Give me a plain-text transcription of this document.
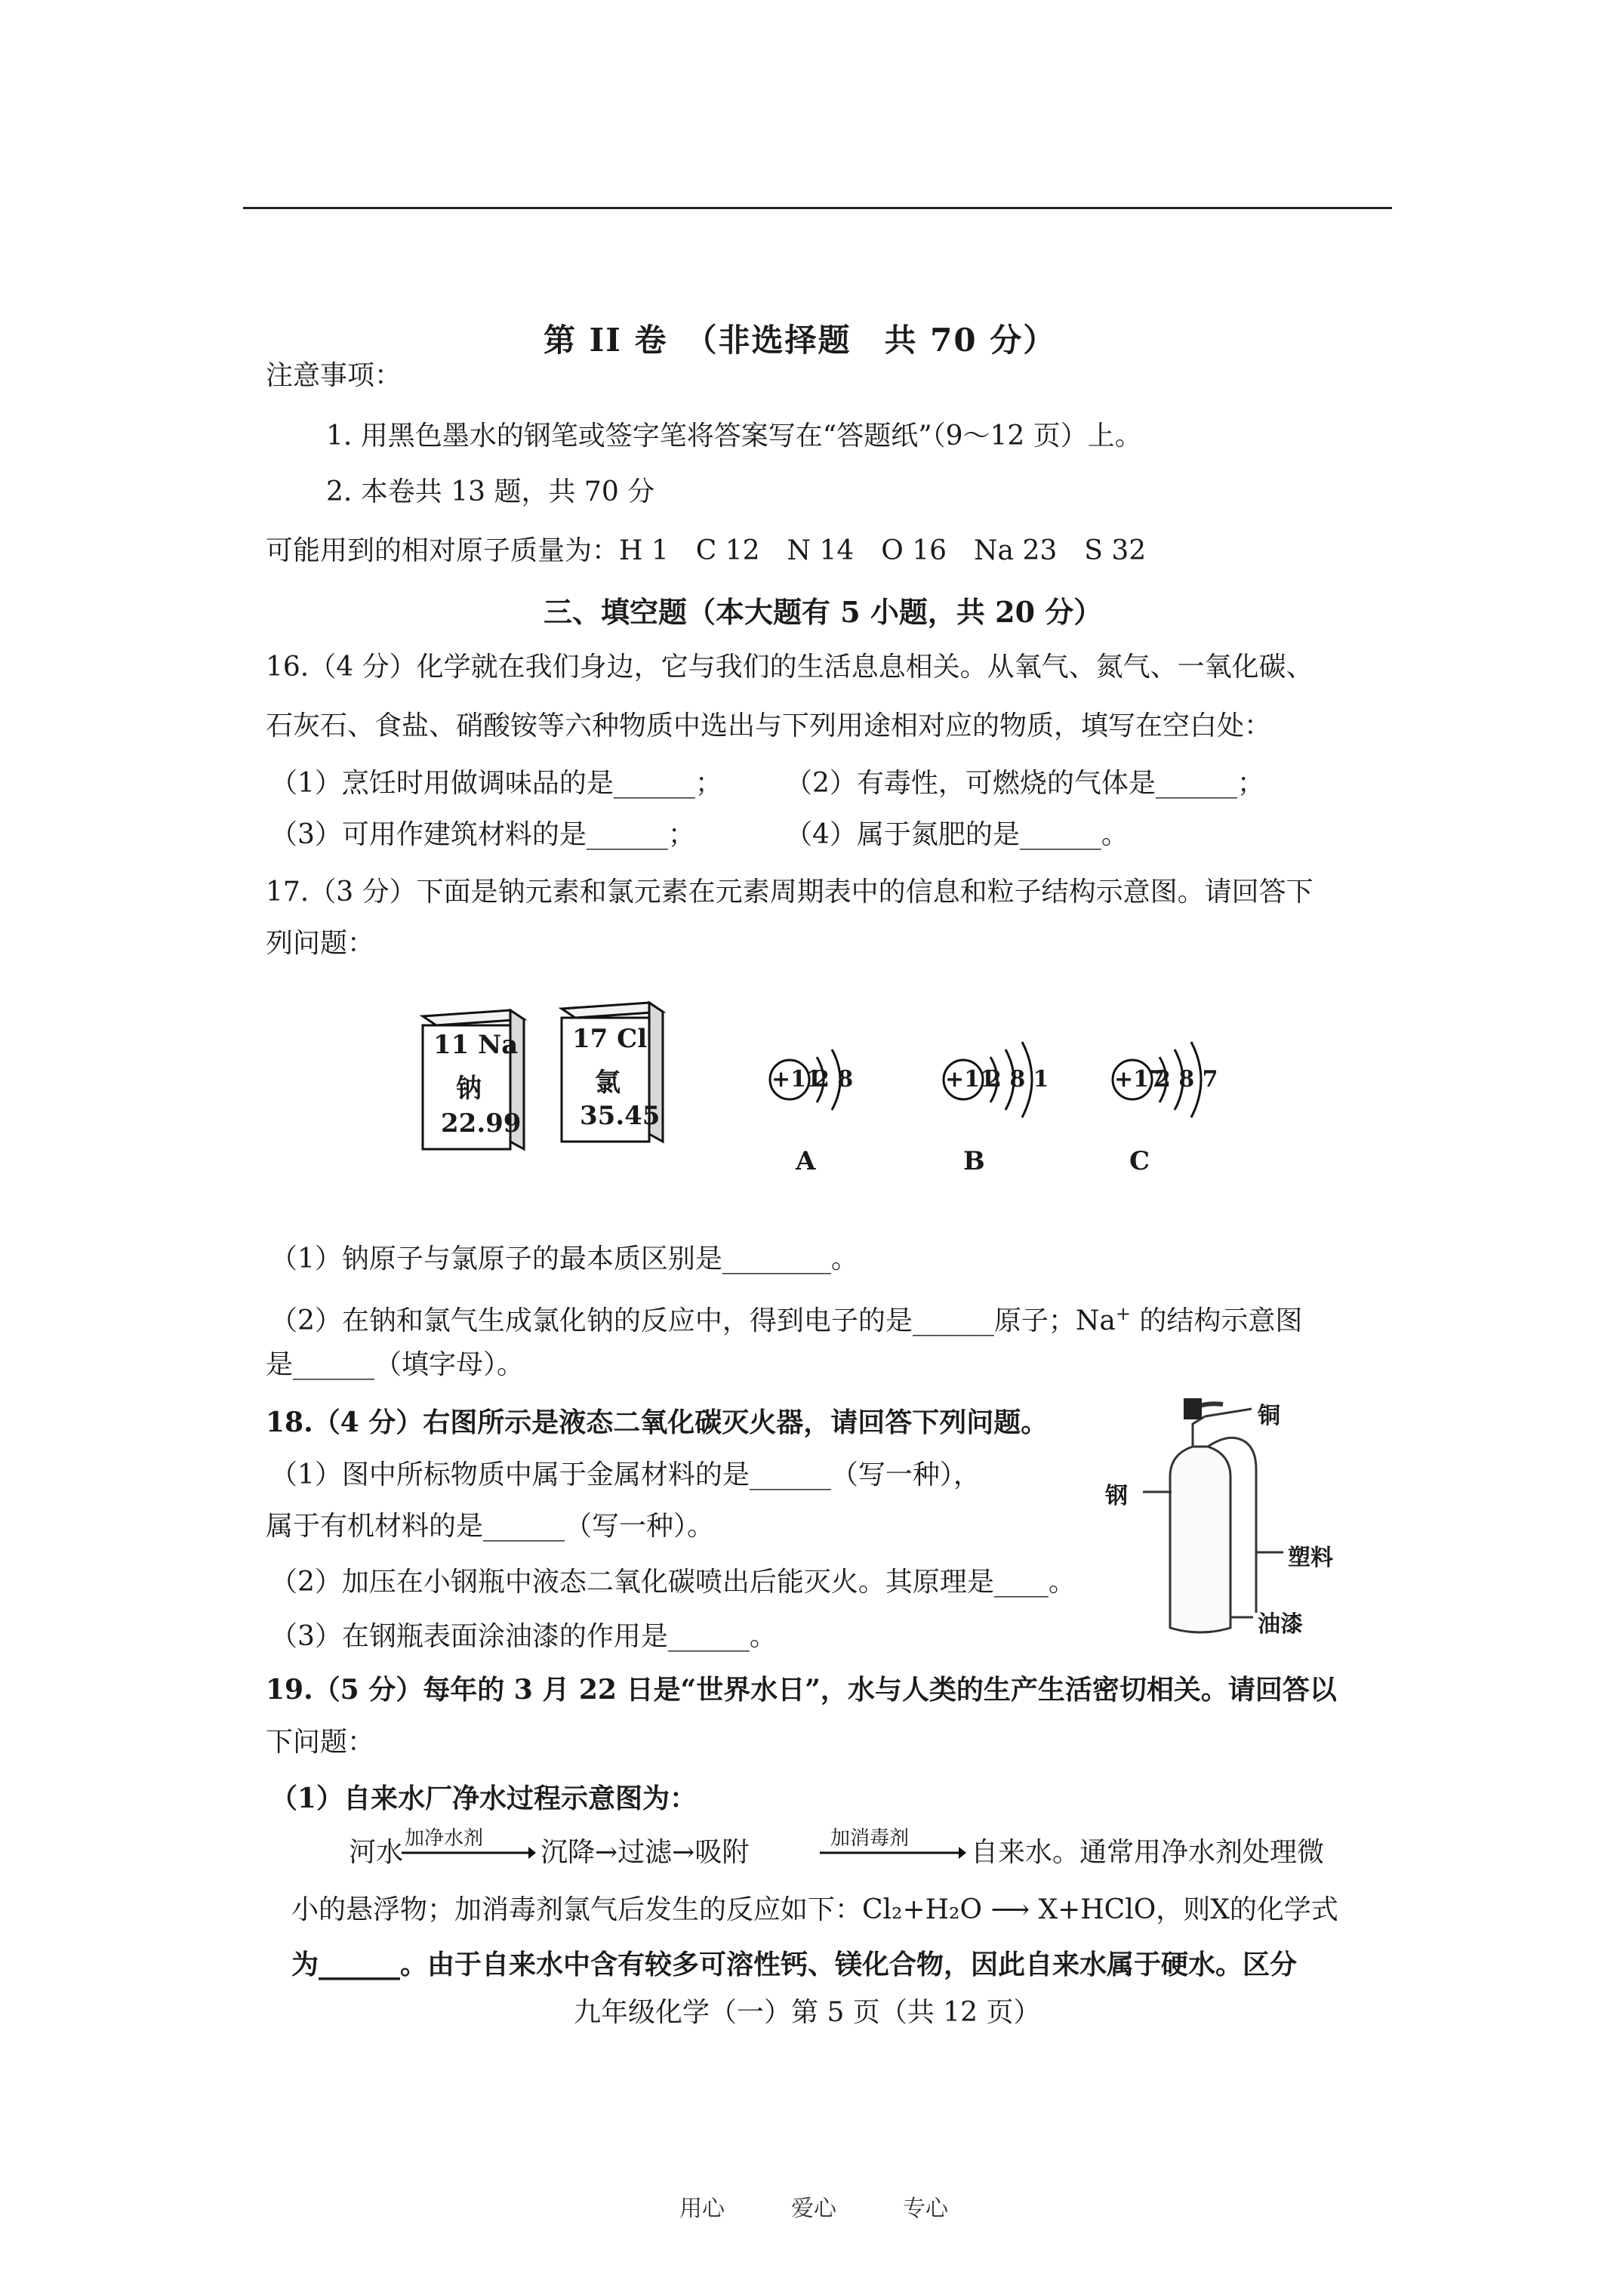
第 II 卷　（非选择题　共 70 分）
注意事项：
1. 用黑色墨水的钢笔或签字笔将答案写在“答题纸”（9～12 页）上。
2. 本卷共 13 题，共 70 分
可能用到的相对原子质量为：H 1　C 12　N 14　O 16　Na 23　S 32
三、填空题（本大题有 5 小题，共 20 分）
16.（4 分）化学就在我们身边，它与我们的生活息息相关。从氧气、氮气、一氧化碳、
石灰石、食盐、硝酸铵等六种物质中选出与下列用途相对应的物质，填写在空白处：
（1）烹饪时用做调味品的是______； （2）有毒性，可燃烧的气体是______；
（3）可用作建筑材料的是______；	（4）属于氮肥的是______。
17.（3 分）下面是钠元素和氯元素在元素周期表中的信息和粒子结构示意图。请回答下
列问题：
11 Na
钠
22.99
17 Cl
氯
35.45
+11
2 8	+11
2 8 1	+17
2 8 7
A	B	C
（1）钠原子与氯原子的最本质区别是________。
（2）在钠和氯气生成氯化钠的反应中，得到电子的是______原子；Na+ 的结构示意图
是______（填字母）。
18.（4 分）右图所示是液态二氧化碳灭火器，请回答下列问题。
（1）图中所标物质中属于金属材料的是______（写一种），
属于有机材料的是______（写一种）。
（2）加压在小钢瓶中液态二氧化碳喷出后能灭火。其原理是____。
（3）在钢瓶表面涂油漆的作用是______。
铜
钢
塑料
油漆
19.（5 分）每年的 3 月 22 日是“世界水日”，水与人类的生产生活密切相关。请回答以
下问题：
（1）自来水厂净水过程示意图为：
河水 加净水剂 沉降→过滤→吸附	加消毒剂 自来水。通常用净水剂处理微
小的悬浮物；加消毒剂氯气后发生的反应如下：Cl₂+H₂O ⟶ X+HClO，则X的化学式
为______。由于自来水中含有较多可溶性钙、镁化合物，因此自来水属于硬水。区分
九年级化学（一）第 5 页（共 12 页）
用心	爱心	专心
